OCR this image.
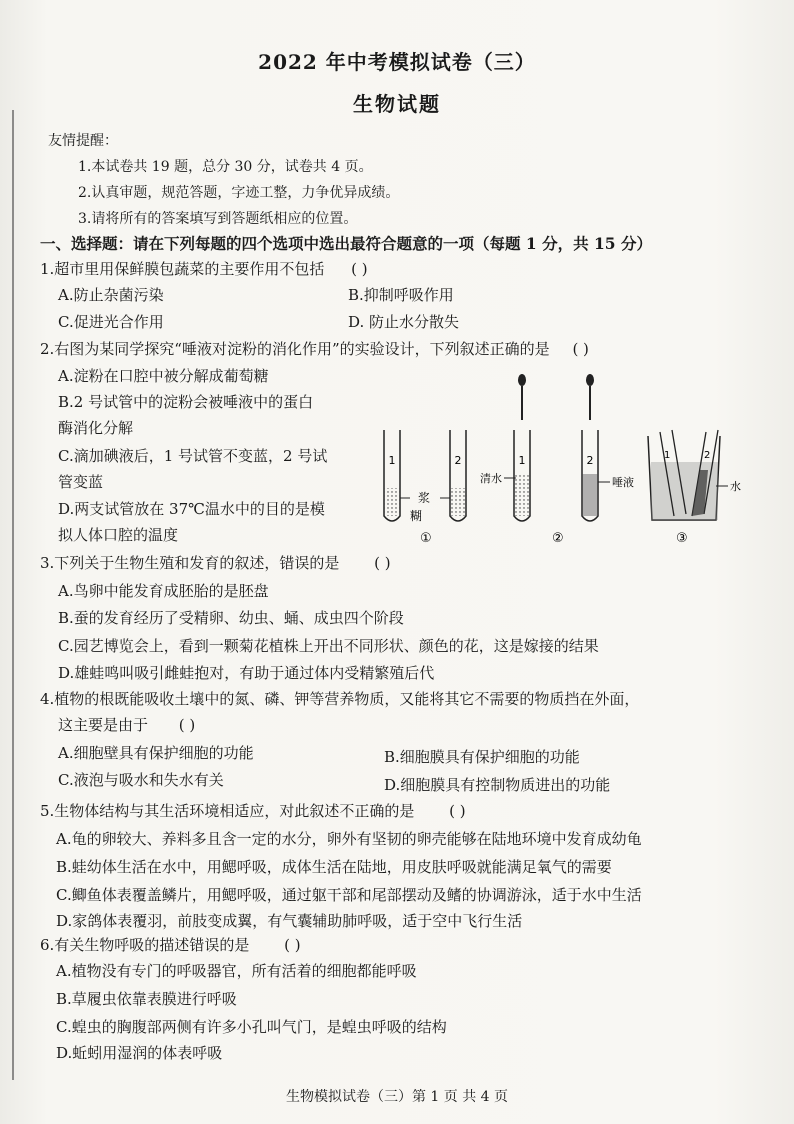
2022 年中考模拟试卷（三）
生物试题
友情提醒：
1.本试卷共 19 题，总分 30 分，试卷共 4 页。
2.认真审题，规范答题，字迹工整，力争优异成绩。
3.请将所有的答案填写到答题纸相应的位置。
一、选择题：请在下列每题的四个选项中选出最符合题意的一项（每题 1 分，共 15 分）
1.超市里用保鲜膜包蔬菜的主要作用不包括 ( )
A.防止杂菌污染	B.抑制呼吸作用
C.促进光合作用	D. 防止水分散失
2.右图为某同学探究“唾液对淀粉的消化作用”的实验设计，下列叙述正确的是 ( )
A.淀粉在口腔中被分解成葡萄糖
B.2 号试管中的淀粉会被唾液中的蛋白
酶消化分解
C.滴加碘液后，1 号试管不变蓝，2 号试
管变蓝
D.两支试管放在 37℃温水中的目的是模
拟人体口腔的温度
1	2
浆
糊
①
1
清水
2
唾液
②
1	2
水
③
3.下列关于生物生殖和发育的叙述，错误的是 ( )
A.鸟卵中能发育成胚胎的是胚盘
B.蚕的发育经历了受精卵、幼虫、蛹、成虫四个阶段
C.园艺博览会上，看到一颗菊花植株上开出不同形状、颜色的花，这是嫁接的结果
D.雄蛙鸣叫吸引雌蛙抱对，有助于通过体内受精繁殖后代
4.植物的根既能吸收土壤中的氮、磷、钾等营养物质，又能将其它不需要的物质挡在外面，
这主要是由于 ( )
A.细胞壁具有保护细胞的功能	B.细胞膜具有保护细胞的功能
C.液泡与吸水和失水有关	D.细胞膜具有控制物质进出的功能
5.生物体结构与其生活环境相适应，对此叙述不正确的是 ( )
A.龟的卵较大、养料多且含一定的水分，卵外有坚韧的卵壳能够在陆地环境中发育成幼龟
B.蛙幼体生活在水中，用鳃呼吸，成体生活在陆地，用皮肤呼吸就能满足氧气的需要
C.鲫鱼体表覆盖鳞片，用鳃呼吸，通过躯干部和尾部摆动及鳍的协调游泳，适于水中生活
D.家鸽体表覆羽，前肢变成翼，有气囊辅助肺呼吸，适于空中飞行生活
6.有关生物呼吸的描述错误的是 ( )
A.植物没有专门的呼吸器官，所有活着的细胞都能呼吸
B.草履虫依靠表膜进行呼吸
C.蝗虫的胸腹部两侧有许多小孔叫气门，是蝗虫呼吸的结构
D.蚯蚓用湿润的体表呼吸
生物模拟试卷（三）第 1 页 共 4 页
